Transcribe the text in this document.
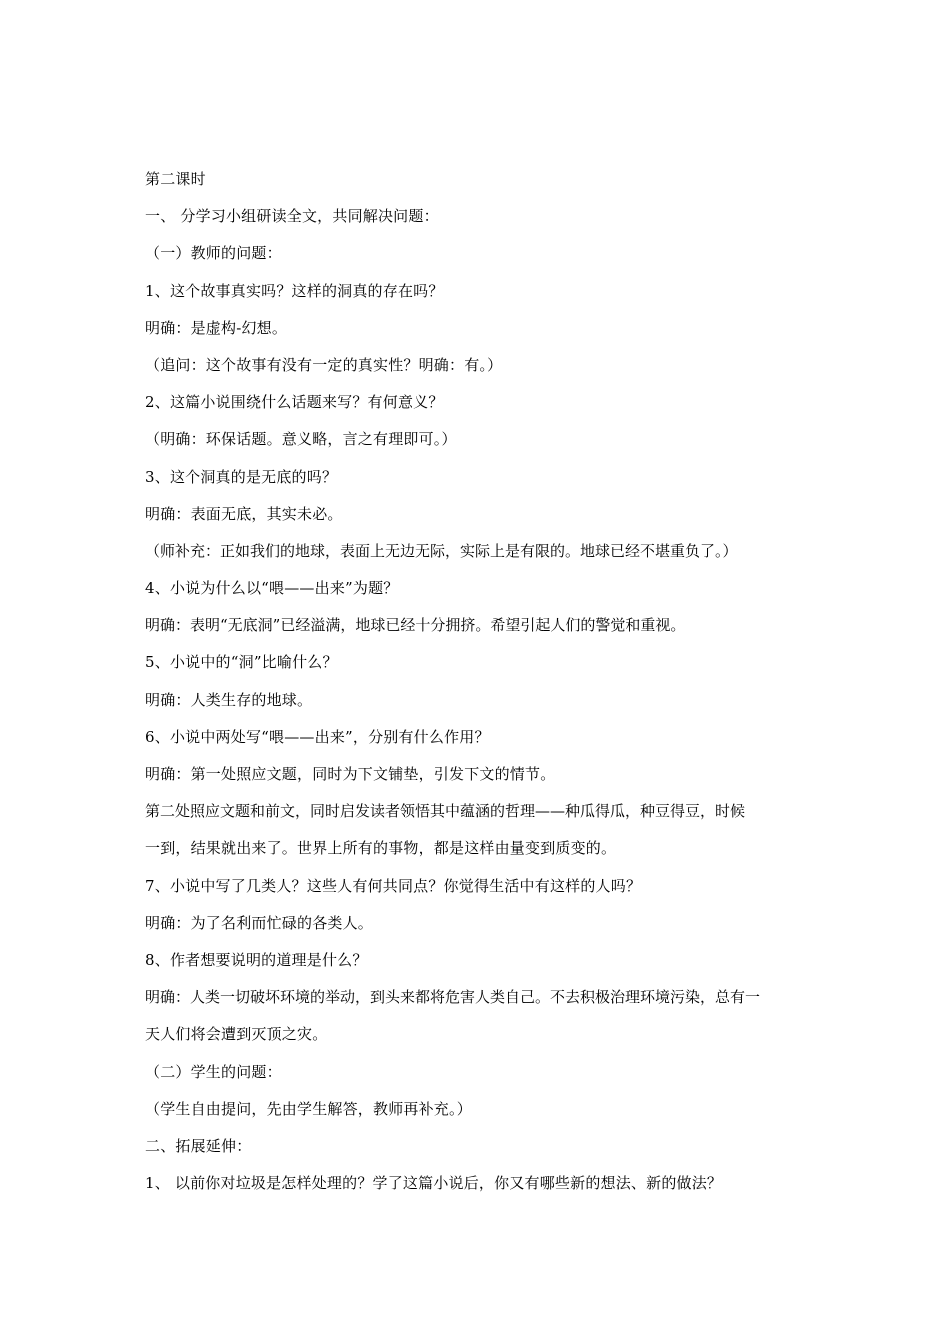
第二课时
一、 分学习小组研读全文，共同解决问题：
（一）教师的问题：
1、这个故事真实吗？这样的洞真的存在吗？
明确：是虚构-幻想。
（追问：这个故事有没有一定的真实性？明确：有。）
2、这篇小说围绕什么话题来写？有何意义？
（明确：环保话题。意义略，言之有理即可。）
3、这个洞真的是无底的吗？
明确：表面无底，其实未必。
（师补充：正如我们的地球，表面上无边无际，实际上是有限的。地球已经不堪重负了。）
4、小说为什么以“喂——出来”为题？
明确：表明“无底洞”已经溢满，地球已经十分拥挤。希望引起人们的警觉和重视。
5、小说中的“洞”比喻什么？
明确：人类生存的地球。
6、小说中两处写“喂——出来”，分别有什么作用？
明确：第一处照应文题，同时为下文铺垫，引发下文的情节。
第二处照应文题和前文，同时启发读者领悟其中蕴涵的哲理——种瓜得瓜，种豆得豆，时候
一到，结果就出来了。世界上所有的事物，都是这样由量变到质变的。
7、小说中写了几类人？这些人有何共同点？你觉得生活中有这样的人吗？
明确：为了名利而忙碌的各类人。
8、作者想要说明的道理是什么？
明确：人类一切破坏环境的举动，到头来都将危害人类自己。不去积极治理环境污染，总有一
天人们将会遭到灭顶之灾。
（二）学生的问题：
（学生自由提问，先由学生解答，教师再补充。）
二、拓展延伸：
1、 以前你对垃圾是怎样处理的？学了这篇小说后，你又有哪些新的想法、新的做法？
